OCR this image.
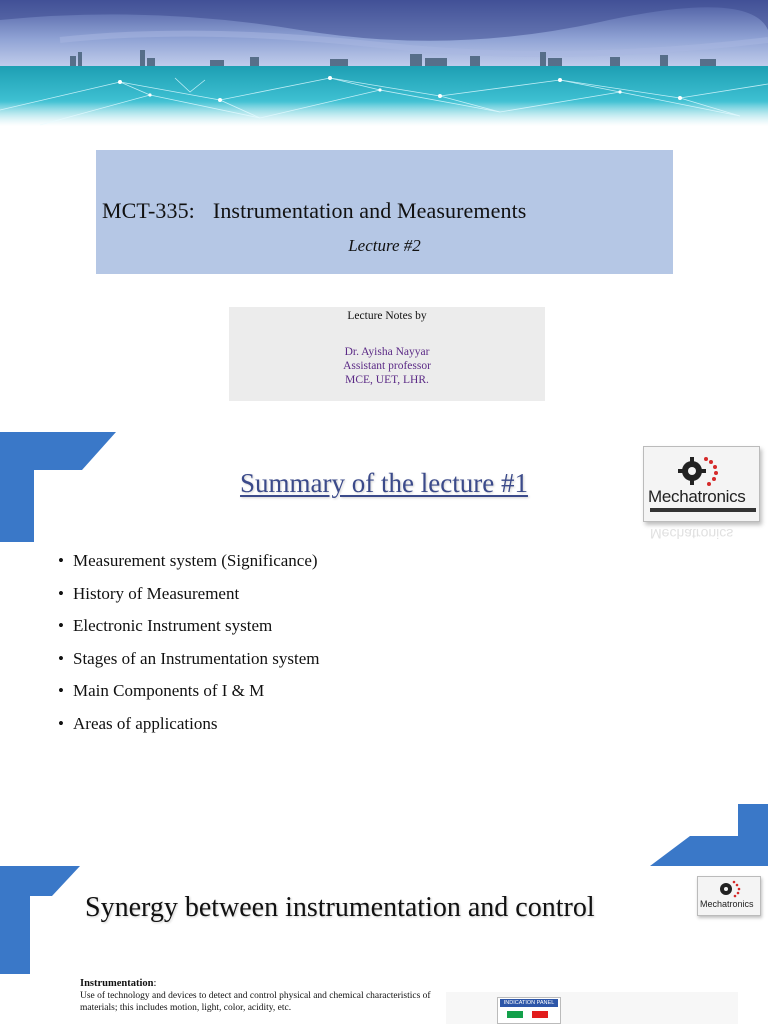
MCT-335: Instrumentation and Measurements
Lecture #2
Lecture Notes by
Dr. Ayisha Nayyar
Assistant professor
MCE, UET, LHR.
Summary of the lecture #1	Mechatronics
Mechatronics
• Measurement system (Significance)
• History of Measurement
• Electronic Instrument system
• Stages of an Instrumentation system
• Main Components of I & M
• Areas of applications
Synergy between instrumentation and control	Mechatronics
Instrumentation:
Use of technology and devices to detect and control physical and chemical characteristics of materials; this includes motion, light, color, acidity, etc.	INDICATION PANEL
